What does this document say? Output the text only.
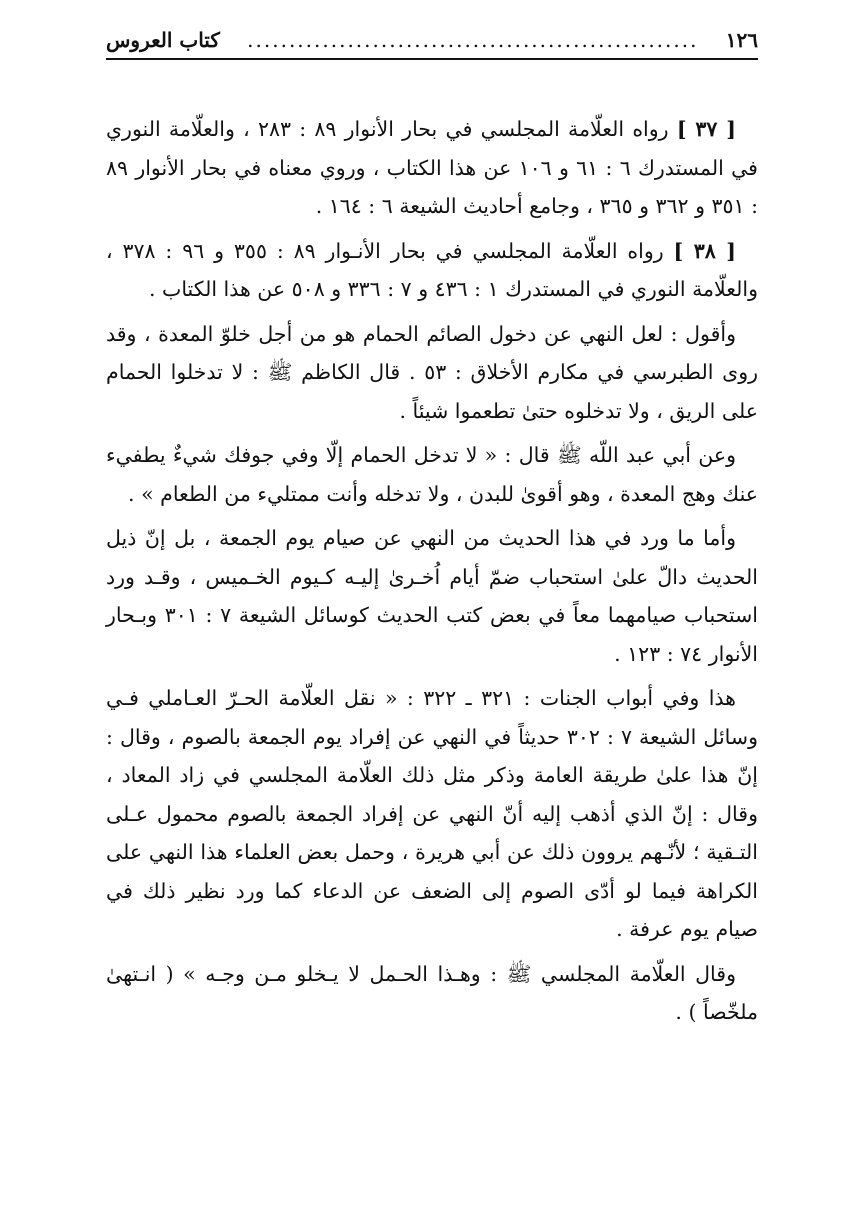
١٢٦
......................................................
كتاب العروس

[ ٣٧ ] رواه العلّامة المجلسي في بحار الأنوار ٨٩ : ٢٨٣ ، والعلّامة النوري في المستدرك ٦ : ٦١ و ١٠٦ عن هذا الكتاب ، وروي معناه في بحار الأنوار ٨٩ : ٣٥١ و ٣٦٢ و ٣٦٥ ، وجامع أحاديث الشيعة ٦ : ١٦٤ .

[ ٣٨ ] رواه العلّامة المجلسي في بحار الأنـوار ٨٩ : ٣٥٥ و ٩٦ : ٣٧٨ ، والعلّامة النوري في المستدرك ١ : ٤٣٦ و ٧ : ٣٣٦ و ٥٠٨ عن هذا الكتاب .

وأقول : لعل النهي عن دخول الصائم الحمام هو من أجل خلوّ المعدة ، وقد روى الطبرسي في مكارم الأخلاق : ٥٣ . قال الكاظم ﷺ : لا تدخلوا الحمام على الريق ، ولا تدخلوه حتىٰ تطعموا شيئاً .

وعن أبي عبد اللّه ﷺ قال : « لا تدخل الحمام إلّا وفي جوفك شيءٌ يطفيء عنك وهج المعدة ، وهو أقوىٰ للبدن ، ولا تدخله وأنت ممتليء من الطعام » .

وأما ما ورد في هذا الحديث من النهي عن صيام يوم الجمعة ، بل إنّ ذيل الحديث دالّ علىٰ استحباب ضمّ أيام اُخـرىٰ إليـه كـيوم الخـميس ، وقـد ورد استحباب صيامهما معاً في بعض كتب الحديث كوسائل الشيعة ٧ : ٣٠١ وبـحار الأنوار ٧٤ : ١٢٣ .

هذا وفي أبواب الجنات : ٣٢١ ـ ٣٢٢ : « نقل العلّامة الحـرّ العـاملي فـي وسائل الشيعة ٧ : ٣٠٢ حديثاً في النهي عن إفراد يوم الجمعة بالصوم ، وقال : إنّ هذا علىٰ طريقة العامة وذكر مثل ذلك العلّامة المجلسي في زاد المعاد ، وقال : إنّ الذي أذهب إليه أنّ النهي عن إفراد الجمعة بالصوم محمول عـلى التـقية ؛ لأنّـهم يروون ذلك عن أبي هريرة ، وحمل بعض العلماء هذا النهي على الكراهة فيما لو أدّى الصوم إلى الضعف عن الدعاء كما ورد نظير ذلك في صيام يوم عرفة .

وقال العلّامة المجلسي ﷺ : وهـذا الحـمل لا يـخلو مـن وجـه » ( انـتهىٰ ملخّصاً ) .
